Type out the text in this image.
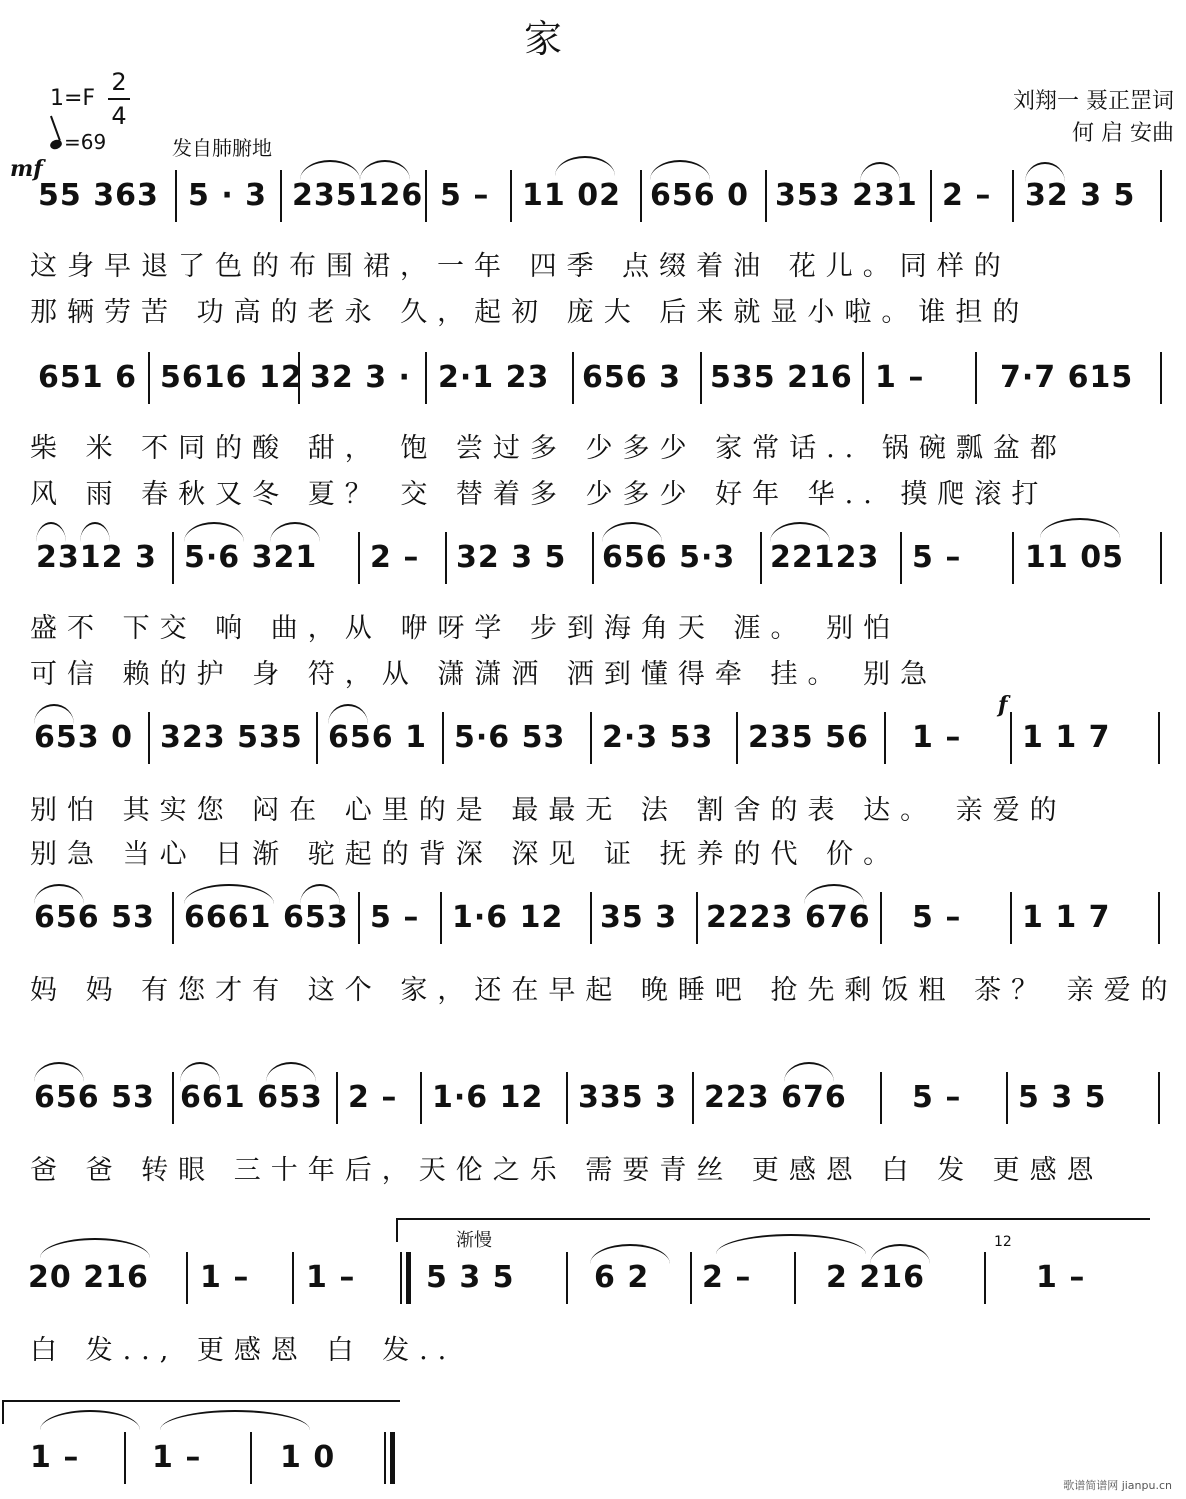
家
1=F
2
4
=69	发自肺腑地
刘翔一 聂正罡词
何 启 安曲
mf
f
55 363 5 · 3 235126 5 – 11 02 656 0 353 231 2 – 32 3 5
这身早退了色的布围裙，一年 四季 点缀着油 花儿。同样的
那辆劳苦 功高的老永 久，起初 庞大 后来就显小啦。谁担的
651 6 5616 12 32 3 · 2·1 23 656 3 535 216 1 –	7·7 615
柴 米 不同的酸 甜， 饱 尝过多 少多少 家常话.. 锅碗瓢盆都
风 雨 春秋又冬 夏？ 交 替着多 少多少 好年 华.. 摸爬滚打
2312 3 5·6 321 2 – 32 3 5 656 5·3 22123 5 – 11 05
盛不 下交 响 曲，从 咿呀学 步到海角天 涯。 别怕
可信 赖的护 身 符，从 潇潇洒 洒到懂得牵 挂。 别急
653 0 323 535 656 1 5·6 53 2·3 53 235 56 1 – 1 1 7
别怕 其实您 闷在 心里的是 最最无 法 割舍的表 达。 亲爱的
别急 当心 日渐 驼起的背深 深见 证 抚养的代 价。
656 53 6661 653 5 – 1·6 12 35 3 2223 676 5 – 1 1 7
妈 妈 有您才有 这个 家，还在早起 晚睡吧 抢先剩饭粗 茶？ 亲爱的
656 53 661 653 2 – 1·6 12 335 3 223 676 5 – 5 3 5
爸 爸 转眼 三十年后，天伦之乐 需要青丝 更感恩 白 发 更感恩
渐慢	12
20 216 1 – 1 – 5 3 5	6 2 2 – 2 216	1 –
白 发.., 更感恩 白 发..
1 – 1 –	1 0
歌谱简谱网 jianpu.cn
